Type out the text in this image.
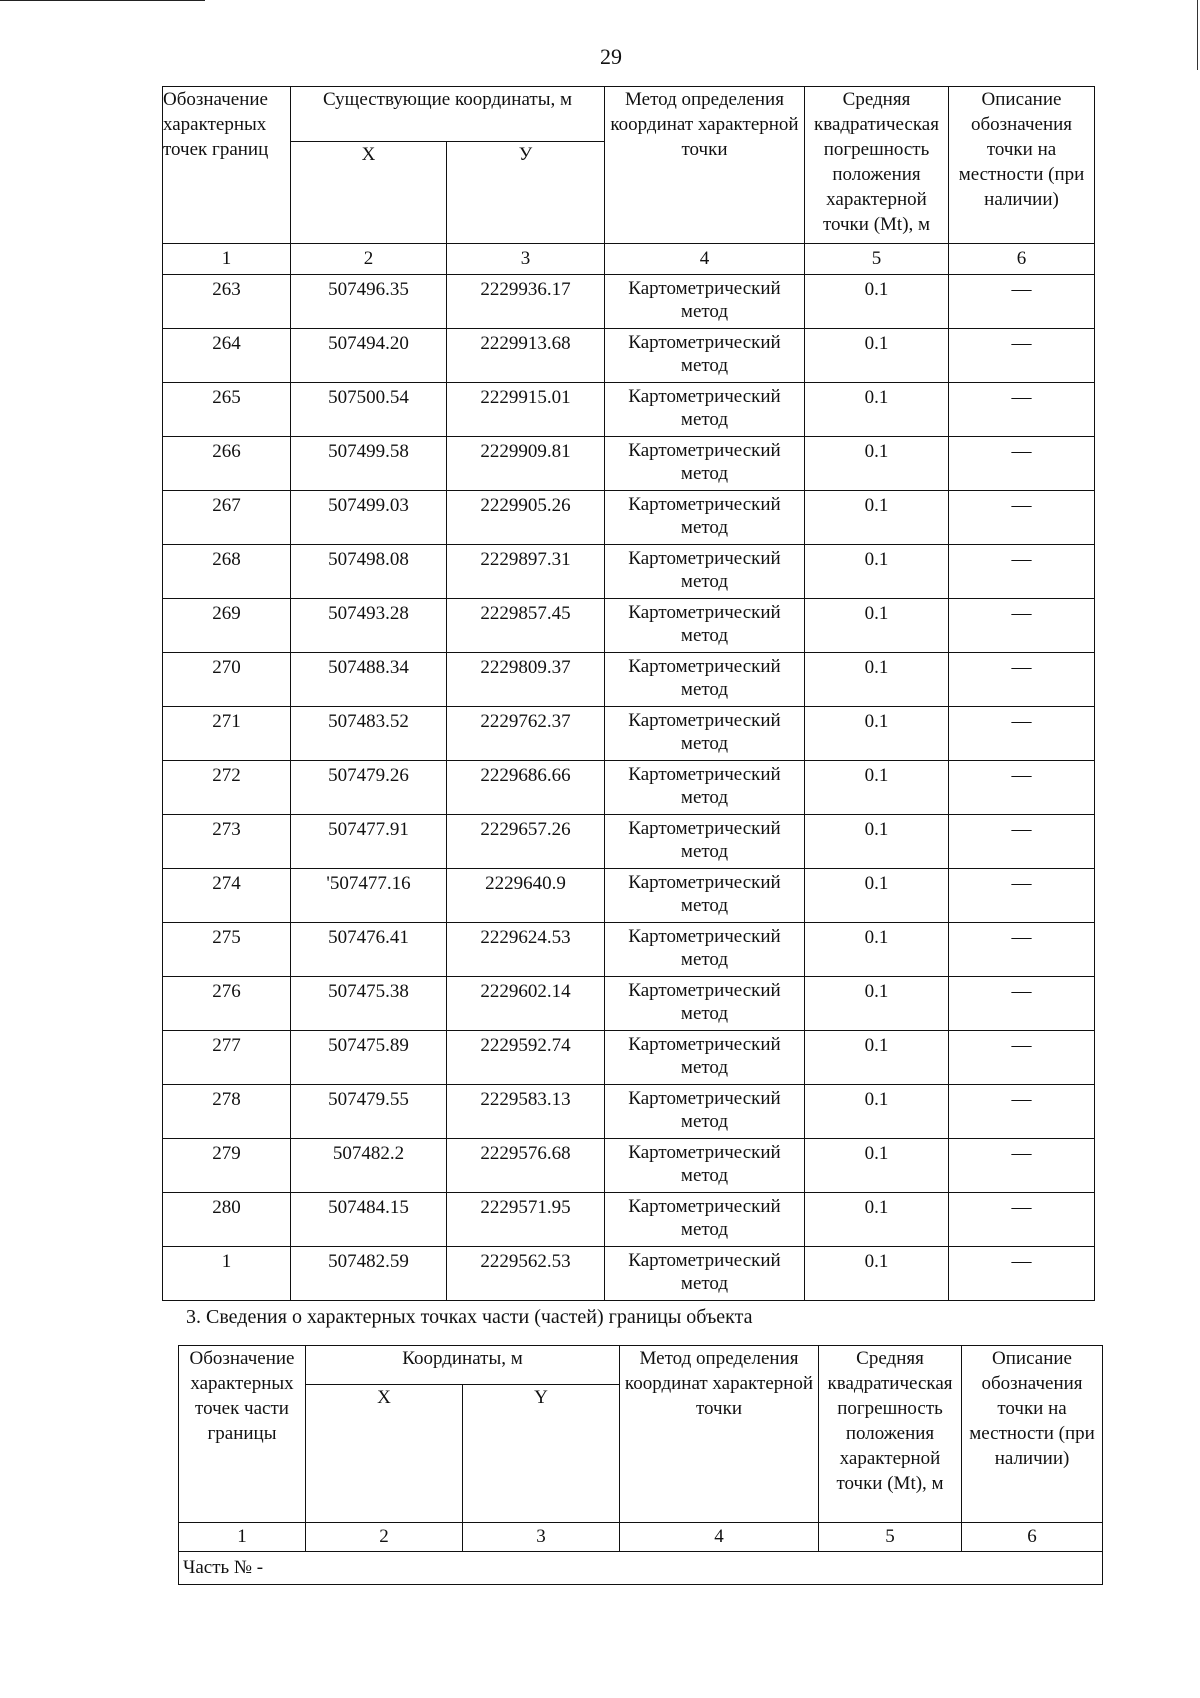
29
Обозначение характерных точек границ	Существующие координаты, м		Метод определения координат характерной точки	Средняя квадратическая погрешность положения характерной точки (Mt), м	Описание обозначения точки на местности (при наличии)
	Х	У			
1	2	3	4	5	6
263	507496.35	2229936.17	Картометрический метод	0.1	—
264	507494.20	2229913.68	Картометрический метод	0.1	—
265	507500.54	2229915.01	Картометрический метод	0.1	—
266	507499.58	2229909.81	Картометрический метод	0.1	—
267	507499.03	2229905.26	Картометрический метод	0.1	—
268	507498.08	2229897.31	Картометрический метод	0.1	—
269	507493.28	2229857.45	Картометрический метод	0.1	—
270	507488.34	2229809.37	Картометрический метод	0.1	—
271	507483.52	2229762.37	Картометрический метод	0.1	—
272	507479.26	2229686.66	Картометрический метод	0.1	—
273	507477.91	2229657.26	Картометрический метод	0.1	—
274	'507477.16	2229640.9	Картометрический метод	0.1	—
275	507476.41	2229624.53	Картометрический метод	0.1	—
276	507475.38	2229602.14	Картометрический метод	0.1	—
277	507475.89	2229592.74	Картометрический метод	0.1	—
278	507479.55	2229583.13	Картометрический метод	0.1	—
279	507482.2	2229576.68	Картометрический метод	0.1	—
280	507484.15	2229571.95	Картометрический метод	0.1	—
1	507482.59	2229562.53	Картометрический метод	0.1	—
3. Сведения о характерных точках части (частей) границы объекта
Обозначение характерных точек части границы	Координаты, м		Метод определения координат характерной точки	Средняя квадратическая погрешность положения характерной точки (Mt), м	Описание обозначения точки на местности (при наличии)
	X	Y			
1	2	3	4	5	6
Часть № -					
